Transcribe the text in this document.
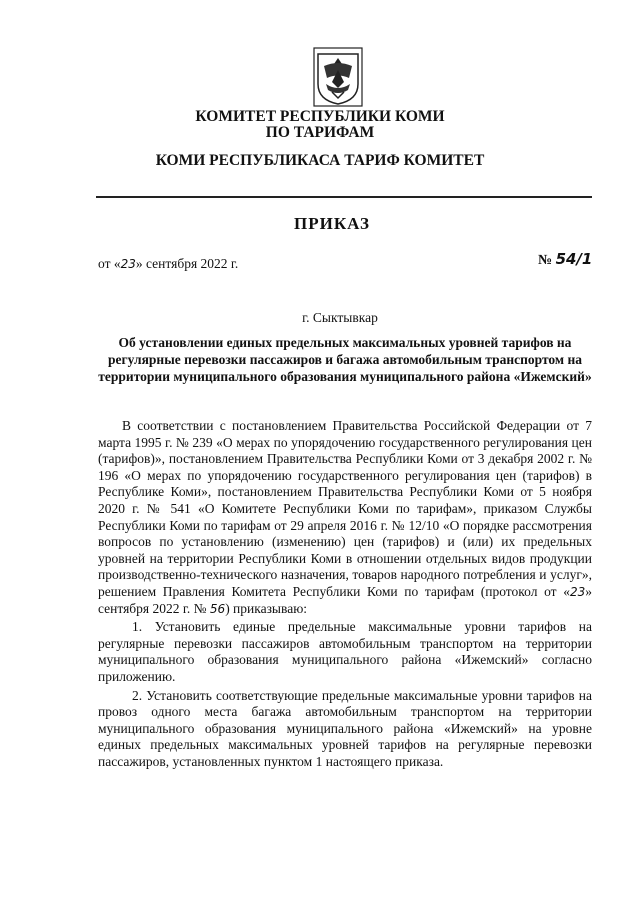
КОМИТЕТ РЕСПУБЛИКИ КОМИ
ПО ТАРИФАМ
КОМИ РЕСПУБЛИКАСА ТАРИФ КОМИТЕТ
ПРИКАЗ
от «23» сентября 2022 г.	№ 54/1
г. Сыктывкар
Об установлении единых предельных максимальных уровней тарифов на регулярные перевозки пассажиров и багажа автомобильным транспортом на территории муниципального образования муниципального района «Ижемский»

В соответствии с постановлением Правительства Российской Федерации от 7 марта 1995 г. № 239 «О мерах по упорядочению государственного регулирования цен (тарифов)», постановлением Правительства Республики Коми от 3 декабря 2002 г. № 196 «О мерах по упорядочению государственного регулирования цен (тарифов) в Республике Коми», постановлением Правительства Республики Коми от 5 ноября 2020 г. № 541 «О Комитете Республики Коми по тарифам», приказом Службы Республики Коми по тарифам от 29 апреля 2016 г. № 12/10 «О порядке рассмотрения вопросов по установлению (изменению) цен (тарифов) и (или) их предельных уровней на территории Республики Коми в отношении отдельных видов продукции производственно-технического назначения, товаров народного потребления и услуг», решением Правления Комитета Республики Коми по тарифам (протокол от «23» сентября 2022 г. № 56) приказываю:

1. Установить единые предельные максимальные уровни тарифов на регулярные перевозки пассажиров автомобильным транспортом на территории муниципального образования муниципального района «Ижемский» согласно приложению.

2. Установить соответствующие предельные максимальные уровни тарифов на провоз одного места багажа автомобильным транспортом на территории муниципального образования муниципального района «Ижемский» на уровне единых предельных максимальных уровней тарифов на регулярные перевозки пассажиров, установленных пунктом 1 настоящего приказа.
